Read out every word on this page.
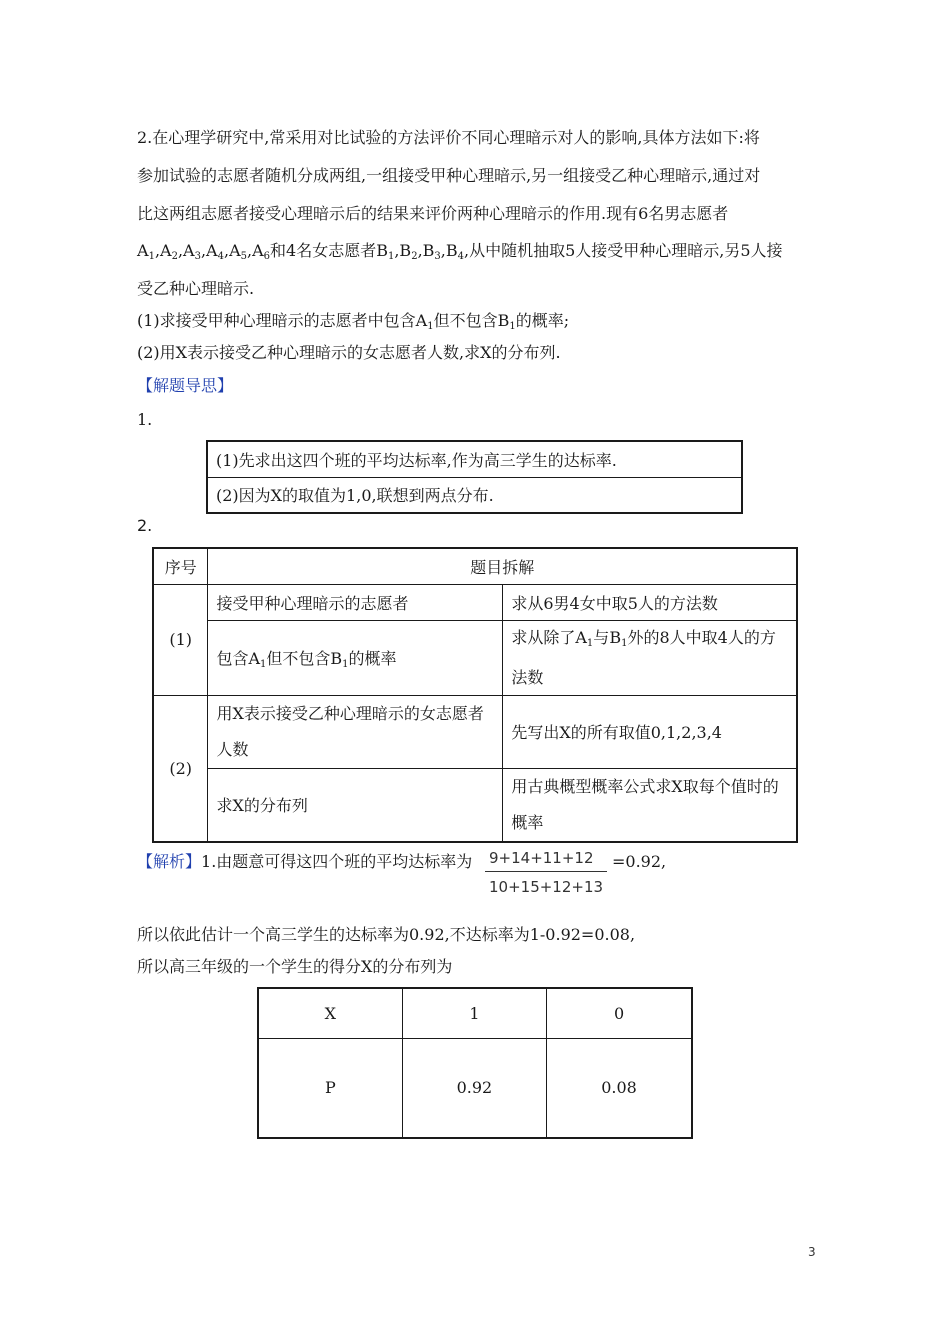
2.在心理学研究中,常采用对比试验的方法评价不同心理暗示对人的影响,具体方法如下:将
参加试验的志愿者随机分成两组,一组接受甲种心理暗示,另一组接受乙种心理暗示,通过对
比这两组志愿者接受心理暗示后的结果来评价两种心理暗示的作用.现有6名男志愿者
$A_1,A_2,A_3,A_4,A_5,A_6$和4名女志愿者$B_1,B_2,B_3,B_4$,从中随机抽取5人接受甲种心理暗示,另5人接
受乙种心理暗示.
(1)求接受甲种心理暗示的志愿者中包含$A_1$但不包含$B_1$的概率;
(2)用X表示接受乙种心理暗示的女志愿者人数,求X的分布列.
【解题导思】
1.
(1)先求出这四个班的平均达标率,作为高三学生的达标率.
(2)因为X的取值为1,0,联想到两点分布.
2.
序号	题目拆解	
(1)	接受甲种心理暗示的志愿者	求从6男4女中取5人的方法数
	包含$A_1$但不包含$B_1$的概率	求从除了$A_1$与$B_1$外的8人中取4人的方法数
(2)	用X表示接受乙种心理暗示的女志愿者人数	先写出X的所有取值0,1,2,3,4
	求X的分布列	用古典概型概率公式求X取每个值时的概率
【解析】1.由题意可得这四个班的平均达标率为 9+14+11+12
10+15+12+13
=0.92,
所以依此估计一个高三学生的达标率为0.92,不达标率为1-0.92=0.08,
所以高三年级的一个学生的得分X的分布列为
X	1	0
P	0.92	0.08
3
